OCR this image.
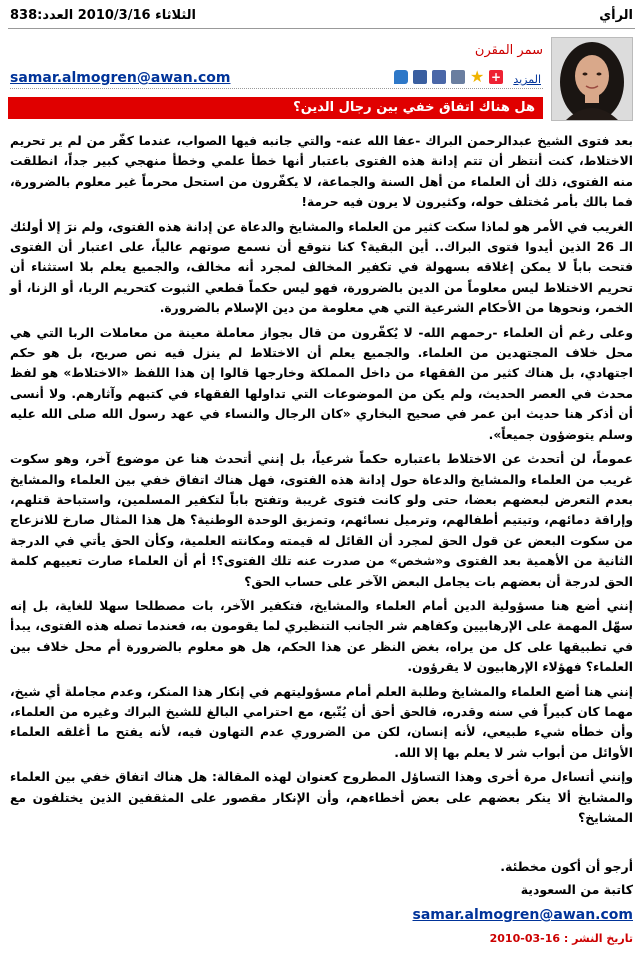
الرأي
الثلاثاء 2010/3/16 العدد:838
سمر المقرن
المزيد
+
★
samar.almogren@awan.com
هل هناك اتفاق خفي بين رجال الدين؟

بعد فتوى الشيخ عبدالرحمن البراك -عفا الله عنه- والتي جانبه فيها الصواب، عندما كفّر من لم ير تحريم الاختلاط، كنت أنتظر أن تتم إدانة هذه الفتوى باعتبار أنها خطأ علمي وخطأ منهجي كبير جداً، انطلقت منه الفتوى، ذلك أن العلماء من أهل السنة والجماعة، لا يكفّرون من استحل محرماً غير معلوم بالضرورة، فما بالك بأمر مُختلف حوله، وكثيرون لا يرون فيه حرمة!

الغريب في الأمر هو لماذا سكت كثير من العلماء والمشايخ والدعاة عن إدانة هذه الفتوى، ولم نرَ إلا أولئك الـ 26 الذين أيدوا فتوى البراك.. أين البقية؟ كنا نتوقع أن نسمع صوتهم عالياً، على اعتبار أن الفتوى فتحت باباً لا يمكن إغلاقه بسهولة في تكفير المخالف لمجرد أنه مخالف، والجميع يعلم بلا استثناء أن تحريم الاختلاط ليس معلوماً من الدين بالضرورة، فهو ليس حكماً قطعي الثبوت كتحريم الربا، أو الزنا، أو الخمر، ونحوها من الأحكام الشرعية التي هي معلومة من دين الإسلام بالضرورة.

وعلى رغم أن العلماء -رحمهم الله- لا يُكفّرون من قال بجواز معاملة معينة من معاملات الربا التي هي محل خلاف المجتهدين من العلماء. والجميع يعلم أن الاختلاط لم ينزل فيه نص صريح، بل هو حكم اجتهادي، بل هناك كثير من الفقهاء من داخل المملكة وخارجها قالوا إن هذا اللفظ «الاختلاط» هو لفظ محدث في العصر الحديث، ولم يكن من الموضوعات التي تداولها الفقهاء في كتبهم وآثارهم. ولا أنسى أن أذكر هنا حديث ابن عمر في صحيح البخاري «كان الرجال والنساء في عهد رسول الله صلى الله عليه وسلم يتوضؤون جميعاً».

عموماً، لن أتحدث عن الاختلاط باعتباره حكماً شرعياً، بل إنني أتحدث هنا عن موضوع آخر، وهو سكوت غريب من العلماء والمشايخ والدعاة حول إدانة هذه الفتوى، فهل هناك اتفاق خفي بين العلماء والمشايخ بعدم التعرض لبعضهم بعضا، حتى ولو كانت فتوى غريبة وتفتح باباً لتكفير المسلمين، واستباحة قتلهم، وإراقة دمائهم، وتيتيم أطفالهم، وترميل نسائهم، وتمزيق الوحدة الوطنية؟ هل هذا المثال صارخ للانزعاج من سكوت البعض عن قول الحق لمجرد أن القائل له قيمته ومكانته العلمية، وكأن الحق يأتي في الدرجة الثانية من الأهمية بعد الفتوى و«شخص» من صدرت عنه تلك الفتوى؟! أم أن العلماء صارت تعييهم كلمة الحق لدرجة أن بعضهم بات يجامل البعض الآخر على حساب الحق؟

إنني أضع هنا مسؤولية الدين أمام العلماء والمشايخ، فتكفير الآخر، بات مصطلحا سهلا للغاية، بل إنه سهّل المهمة على الإرهابيين وكفاهم شر الجانب التنظيري لما يقومون به، فعندما تصله هذه الفتوى، يبدأ في تطبيقها على كل من يراه، بغض النظر عن هذا الحكم، هل هو معلوم بالضرورة أم محل خلاف بين العلماء؟ فهؤلاء الإرهابيون لا يقرؤون.

إنني هنا أضع العلماء والمشايخ وطلبة العلم أمام مسؤوليتهم في إنكار هذا المنكر، وعدم مجاملة أي شيخ، مهما كان كبيراً في سنه وقدره، فالحق أحق أن يُتّبع، مع احترامي البالغ للشيخ البراك وغيره من العلماء، وأن خطأه شيء طبيعي، لأنه إنسان، لكن من الضروري عدم التهاون فيه، لأنه يفتح ما أغلقه العلماء الأوائل من أبواب شر لا يعلم بها إلا الله.

وإنني أتساءل مرة أخرى وهذا التساؤل المطروح كعنوان لهذه المقالة: هل هناك اتفاق خفي بين العلماء والمشايخ ألا ينكر بعضهم على بعض أخطاءهم، وأن الإنكار مقصور على المثقفين الذين يختلفون مع المشايخ؟

أرجو أن أكون مخطئة.
كاتبة من السعودية
samar.almogren@awan.com
تاريخ النشر : 16-03-2010
